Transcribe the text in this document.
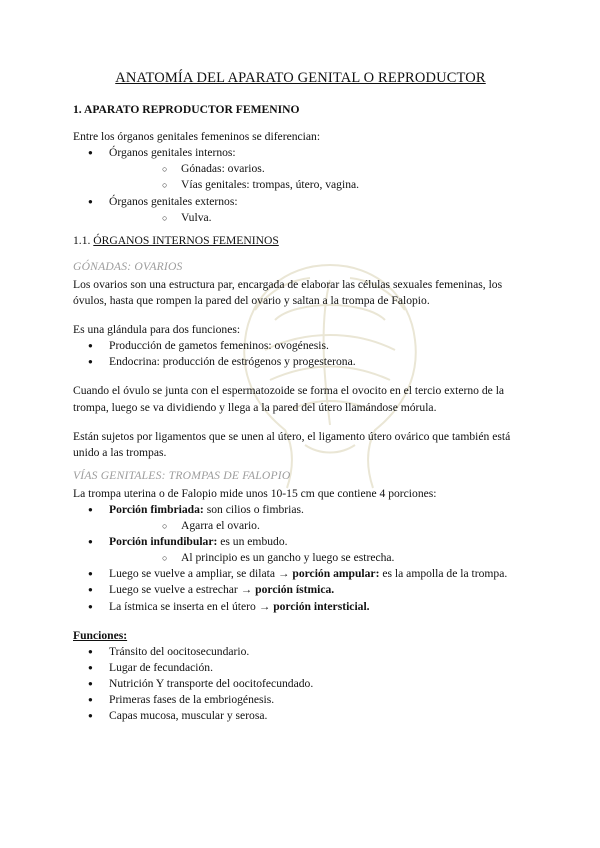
ANATOMÍA DEL APARATO GENITAL O REPRODUCTOR
1. APARATO REPRODUCTOR FEMENINO

Entre los órganos genitales femeninos se diferencian:

● Órganos genitales internos:
○ Gónadas: ovarios.
○ Vías genitales: trompas, útero, vagina.
● Órganos genitales externos:
○ Vulva.
1.1. ÓRGANOS INTERNOS FEMENINOS

GÓNADAS: OVARIOS

Los ovarios son una estructura par, encargada de elaborar las células sexuales femeninas, los óvulos, hasta que rompen la pared del ovario y saltan a la trompa de Falopio.

Es una glándula para dos funciones:

● Producción de gametos femeninos: ovogénesis.
● Endocrina: producción de estrógenos y progesterona.

Cuando el óvulo se junta con el espermatozoide se forma el ovocito en el tercio externo de la trompa, luego se va dividiendo y llega a la pared del útero llamándose mórula.

Están sujetos por ligamentos que se unen al útero, el ligamento útero ovárico que también está unido a las trompas.

VÍAS GENITALES: TROMPAS DE FALOPIO

La trompa uterina o de Falopio mide unos 10-15 cm que contiene 4 porciones:

● Porción fimbriada: son cilios o fimbrias.
○ Agarra el ovario.
● Porción infundibular: es un embudo.
○ Al principio es un gancho y luego se estrecha.
● Luego se vuelve a ampliar, se dilata → porción ampular: es la ampolla de la trompa.
● Luego se vuelve a estrechar → porción ístmica.
● La ístmica se inserta en el útero → porción intersticial.

Funciones:

● Tránsito del oocitosecundario.
● Lugar de fecundación.
● Nutrición Y transporte del oocitofecundado.
● Primeras fases de la embriogénesis.
● Capas mucosa, muscular y serosa.
